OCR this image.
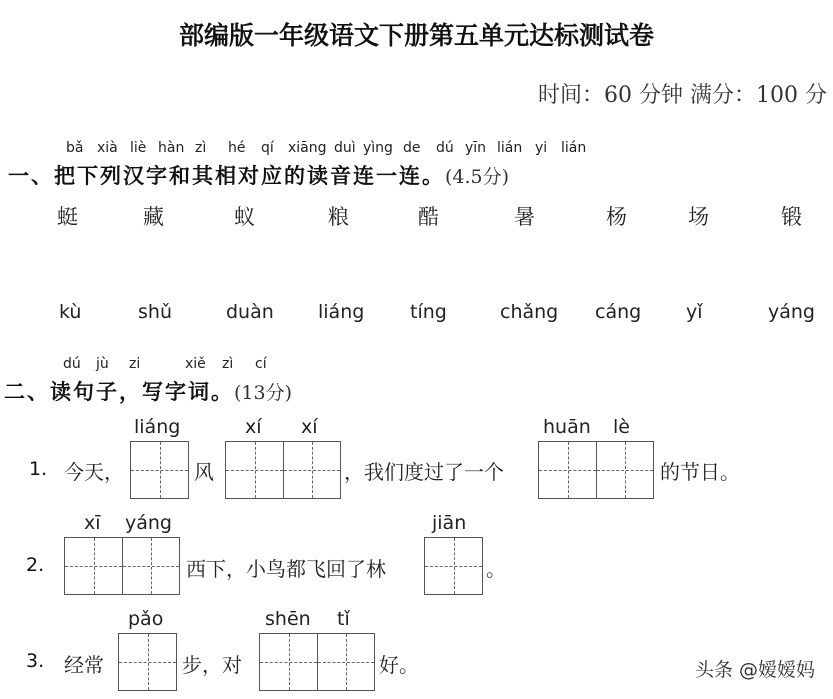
部编版一年级语文下册第五单元达标测试卷
时间：60 分钟 满分：100 分
bǎ xià liè hàn zì hé qí xiāng duì yìng de dú yīn lián yi lián
一、把下列汉字和其相对应的读音连一连。(4.5分)
蜓	藏	蚁	粮	酷	暑	杨	场	锻
kù	shǔ	duàn liáng tíng	chǎng cáng yǐ	yáng
dú jù zi	xiě zì cí
二、读句子，写字词。(13分)
1. 今天，
liáng
风
xí xí
，我们度过了一个
huān lè
的节日。
2.
xī yáng
西下，小鸟都飞回了林
jiān
。
3. 经常
pǎo
步，对
shēn tǐ
好。	头条 @嫒嫒妈
